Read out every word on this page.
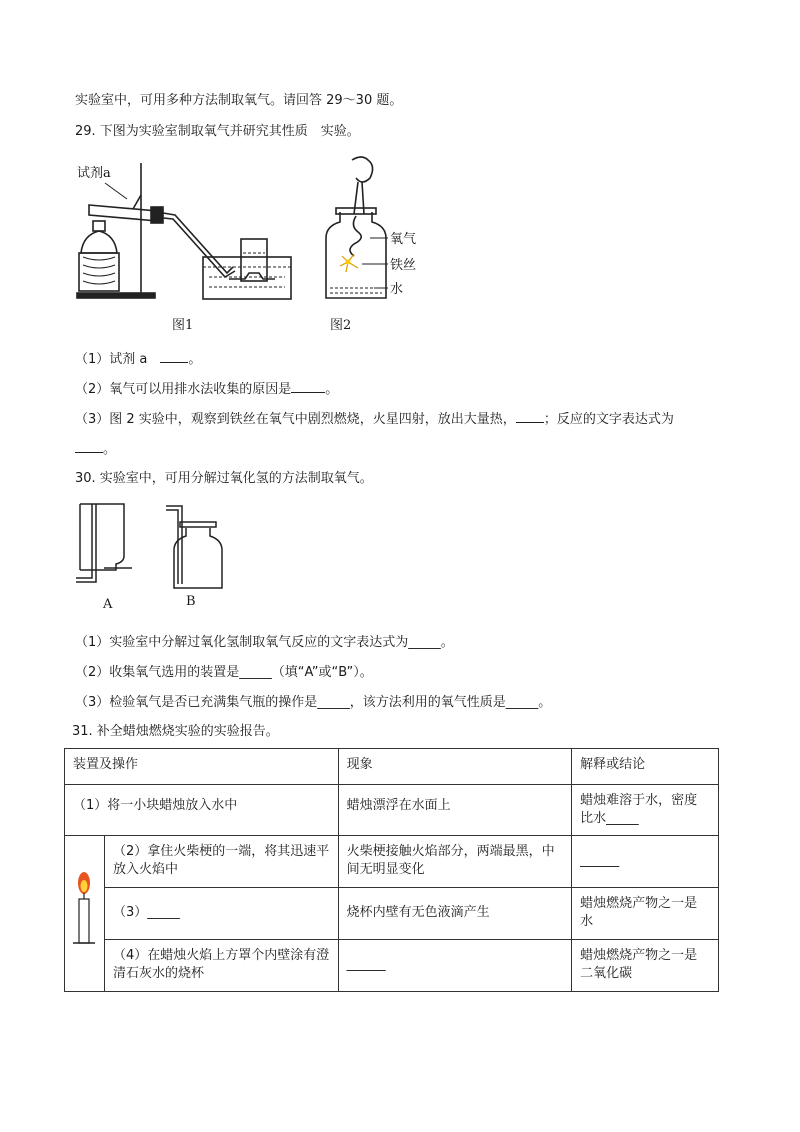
实验室中，可用多种方法制取氧气。请回答 29～30 题。
29. 下图为实验室制取氧气并研究其性质　实验。
试剂a
图1
氧气
铁丝
水
图2
（1）试剂 a　。
（2）氧气可以用排水法收集的原因是	。
（3）图 2 实验中，观察到铁丝在氧气中剧烈燃烧，火星四射，放出大量热， ；反应的文字表达式为
。
30. 实验室中，可用分解过氧化氢的方法制取氧气。
A	B
（1）实验室中分解过氧化氢制取氧气反应的文字表达式为_____。
（2）收集氧气选用的装置是_____（填“A”或“B”）。
（3）检验氧气是否已充满集气瓶的操作是_____，该方法利用的氧气性质是_____。
31. 补全蜡烛燃烧实验的实验报告。
装置及操作		现象	解释或结论

（1）将一小块蜡烛放入水中		蜡烛漂浮在水面上	蜡烛难溶于水，密度比水_____

（2）拿住火柴梗的一端，将其迅速平放入火焰中	火柴梗接触火焰部分，两端最黑，中间无明显变化	______

	（3）_____	烧杯内壁有无色液滴产生	蜡烛燃烧产物之一是水

	（4）在蜡烛火焰上方罩个内壁涂有澄清石灰水的烧杯	______	蜡烛燃烧产物之一是二氧化碳
